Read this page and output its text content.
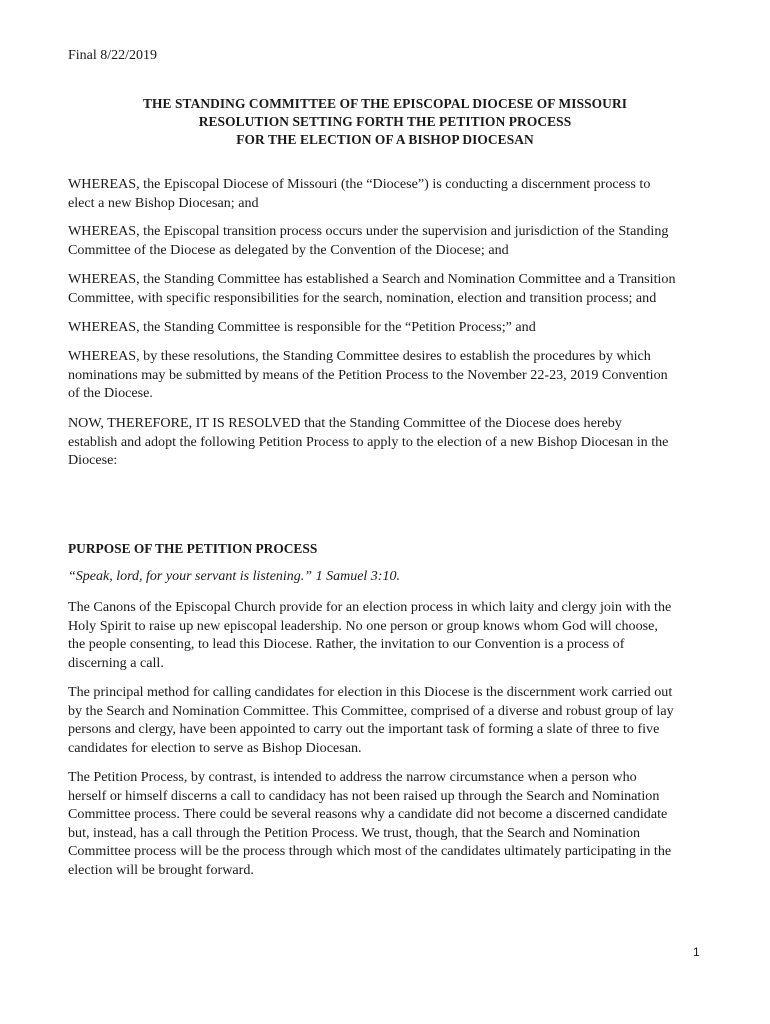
Final 8/22/2019
THE STANDING COMMITTEE OF THE EPISCOPAL DIOCESE OF MISSOURI
RESOLUTION SETTING FORTH THE PETITION PROCESS
FOR THE ELECTION OF A BISHOP DIOCESAN
WHEREAS, the Episcopal Diocese of Missouri (the “Diocese”) is conducting a discernment process to
elect a new Bishop Diocesan; and
WHEREAS, the Episcopal transition process occurs under the supervision and jurisdiction of the Standing
Committee of the Diocese as delegated by the Convention of the Diocese; and
WHEREAS, the Standing Committee has established a Search and Nomination Committee and a Transition
Committee, with specific responsibilities for the search, nomination, election and transition process; and
WHEREAS, the Standing Committee is responsible for the “Petition Process;” and
WHEREAS, by these resolutions, the Standing Committee desires to establish the procedures by which
nominations may be submitted by means of the Petition Process to the November 22-23, 2019 Convention
of the Diocese.
NOW, THEREFORE, IT IS RESOLVED that the Standing Committee of the Diocese does hereby
establish and adopt the following Petition Process to apply to the election of a new Bishop Diocesan in the
Diocese:
PURPOSE OF THE PETITION PROCESS
“Speak, lord, for your servant is listening.” 1 Samuel 3:10.
The Canons of the Episcopal Church provide for an election process in which laity and clergy join with the
Holy Spirit to raise up new episcopal leadership. No one person or group knows whom God will choose,
the people consenting, to lead this Diocese. Rather, the invitation to our Convention is a process of
discerning a call.
The principal method for calling candidates for election in this Diocese is the discernment work carried out
by the Search and Nomination Committee. This Committee, comprised of a diverse and robust group of lay
persons and clergy, have been appointed to carry out the important task of forming a slate of three to five
candidates for election to serve as Bishop Diocesan.
The Petition Process, by contrast, is intended to address the narrow circumstance when a person who
herself or himself discerns a call to candidacy has not been raised up through the Search and Nomination
Committee process. There could be several reasons why a candidate did not become a discerned candidate
but, instead, has a call through the Petition Process. We trust, though, that the Search and Nomination
Committee process will be the process through which most of the candidates ultimately participating in the
election will be brought forward.
1
